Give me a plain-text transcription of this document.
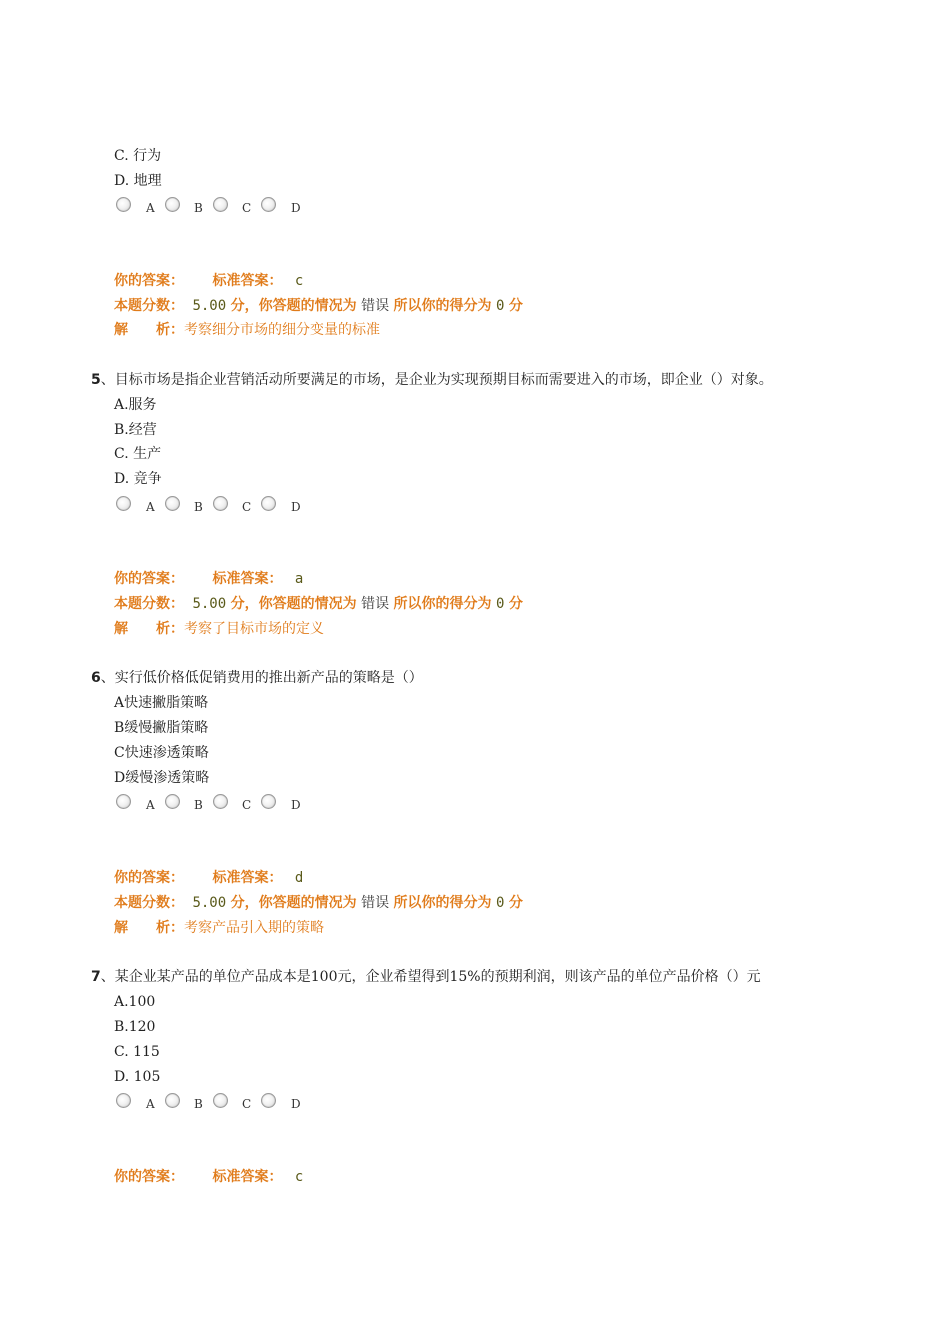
C. 行为
D. 地理
A	B	C	D
你的答案： 标准答案： c
本题分数： 5.00 分，你答题的情况为 错误 所以你的得分为 0 分
解　　析：考察细分市场的细分变量的标准
5、目标市场是指企业营销活动所要满足的市场，是企业为实现预期目标而需要进入的市场，即企业（）对象。
A.服务
B.经营
C. 生产
D. 竞争
A	B	C	D
你的答案： 标准答案： a
本题分数： 5.00 分，你答题的情况为 错误 所以你的得分为 0 分
解　　析：考察了目标市场的定义
6、实行低价格低促销费用的推出新产品的策略是（）
A快速撇脂策略
B缓慢撇脂策略
C快速渗透策略
D缓慢渗透策略
A	B	C	D
你的答案： 标准答案： d
本题分数： 5.00 分，你答题的情况为 错误 所以你的得分为 0 分
解　　析：考察产品引入期的策略
7、某企业某产品的单位产品成本是100元，企业希望得到15%的预期利润，则该产品的单位产品价格（）元
A.100
B.120
C. 115
D. 105
A	B	C	D
你的答案： 标准答案： c
